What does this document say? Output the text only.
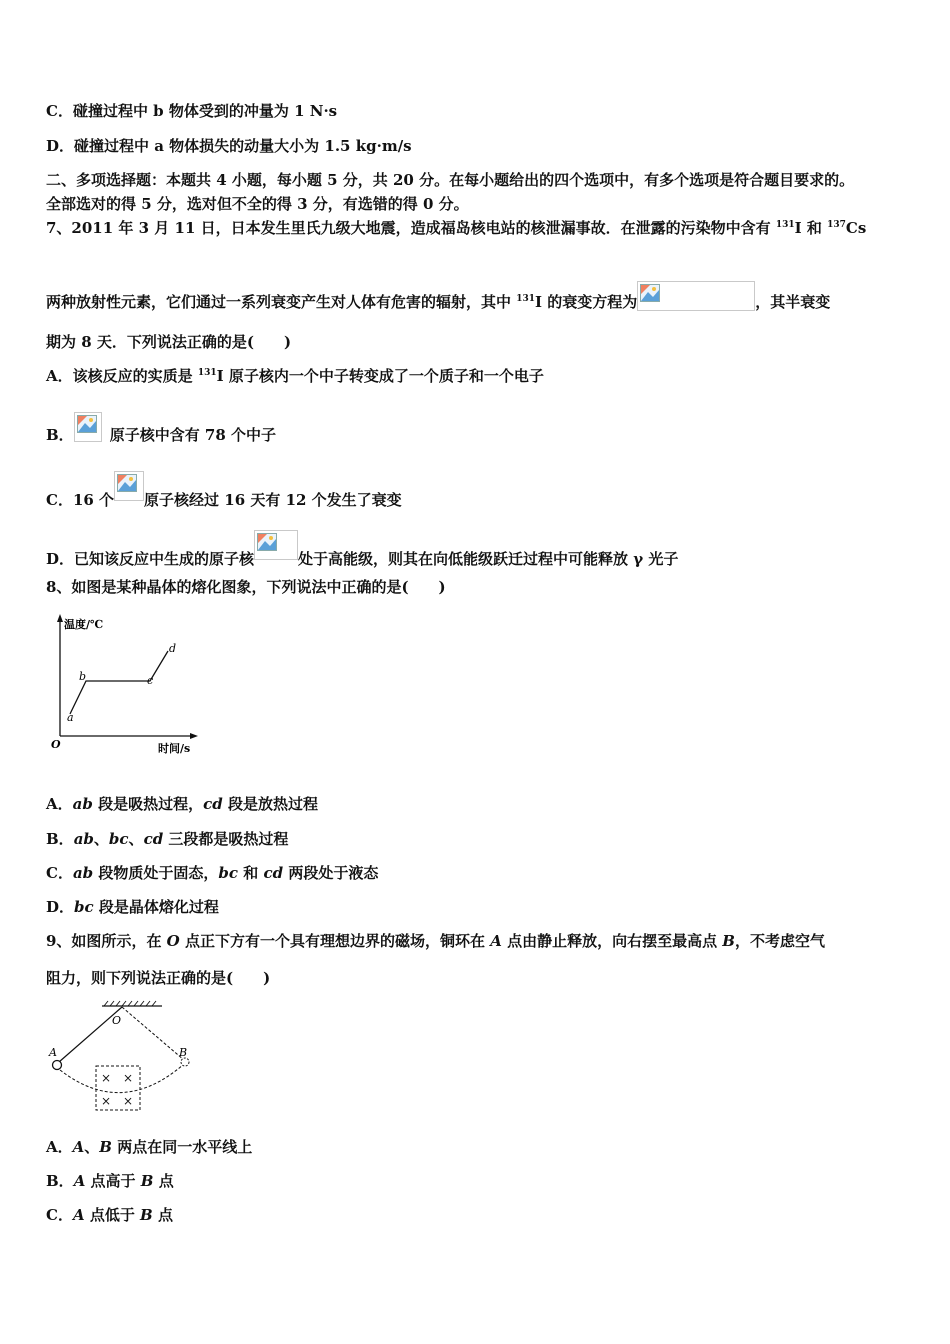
C．碰撞过程中 b 物体受到的冲量为 1 N·s
D．碰撞过程中 a 物体损失的动量大小为 1.5 kg·m/s
二、多项选择题：本题共 4 小题，每小题 5 分，共 20 分。在每小题给出的四个选项中，有多个选项是符合题目要求的。
全部选对的得 5 分，选对但不全的得 3 分，有选错的得 0 分。
7、2011 年 3 月 11 日，日本发生里氏九级大地震，造成福岛核电站的核泄漏事故．在泄露的污染物中含有 $^{131}$I 和 $^{137}$Cs
两种放射性元素，它们通过一系列衰变产生对人体有危害的辐射，其中 $^{131}$I 的衰变方程为	，其半衰变
期为 8 天．下列说法正确的是(　　)
A．该核反应的实质是 $^{131}$I 原子核内一个中子转变成了一个质子和一个电子
B． 原子核中含有 78 个中子
C．16 个 原子核经过 16 天有 12 个发生了衰变
D．已知该反应中生成的原子核	处于高能级，则其在向低能级跃迁过程中可能释放 γ 光子
8、如图是某种晶体的熔化图象，下列说法中正确的是(　　)
温度/℃
时间/s
O
a
b	c
d
A．ab 段是吸热过程，cd 段是放热过程
B．ab、bc、cd 三段都是吸热过程
C．ab 段物质处于固态，bc 和 cd 两段处于液态
D．bc 段是晶体熔化过程
9、如图所示，在 O 点正下方有一个具有理想边界的磁场，铜环在 A 点由静止释放，向右摆至最高点 B，不考虑空气
阻力，则下列说法正确的是(　　)
× ×
× ×
O
A	B
A．A、B 两点在同一水平线上
B．A 点高于 B 点
C．A 点低于 B 点
